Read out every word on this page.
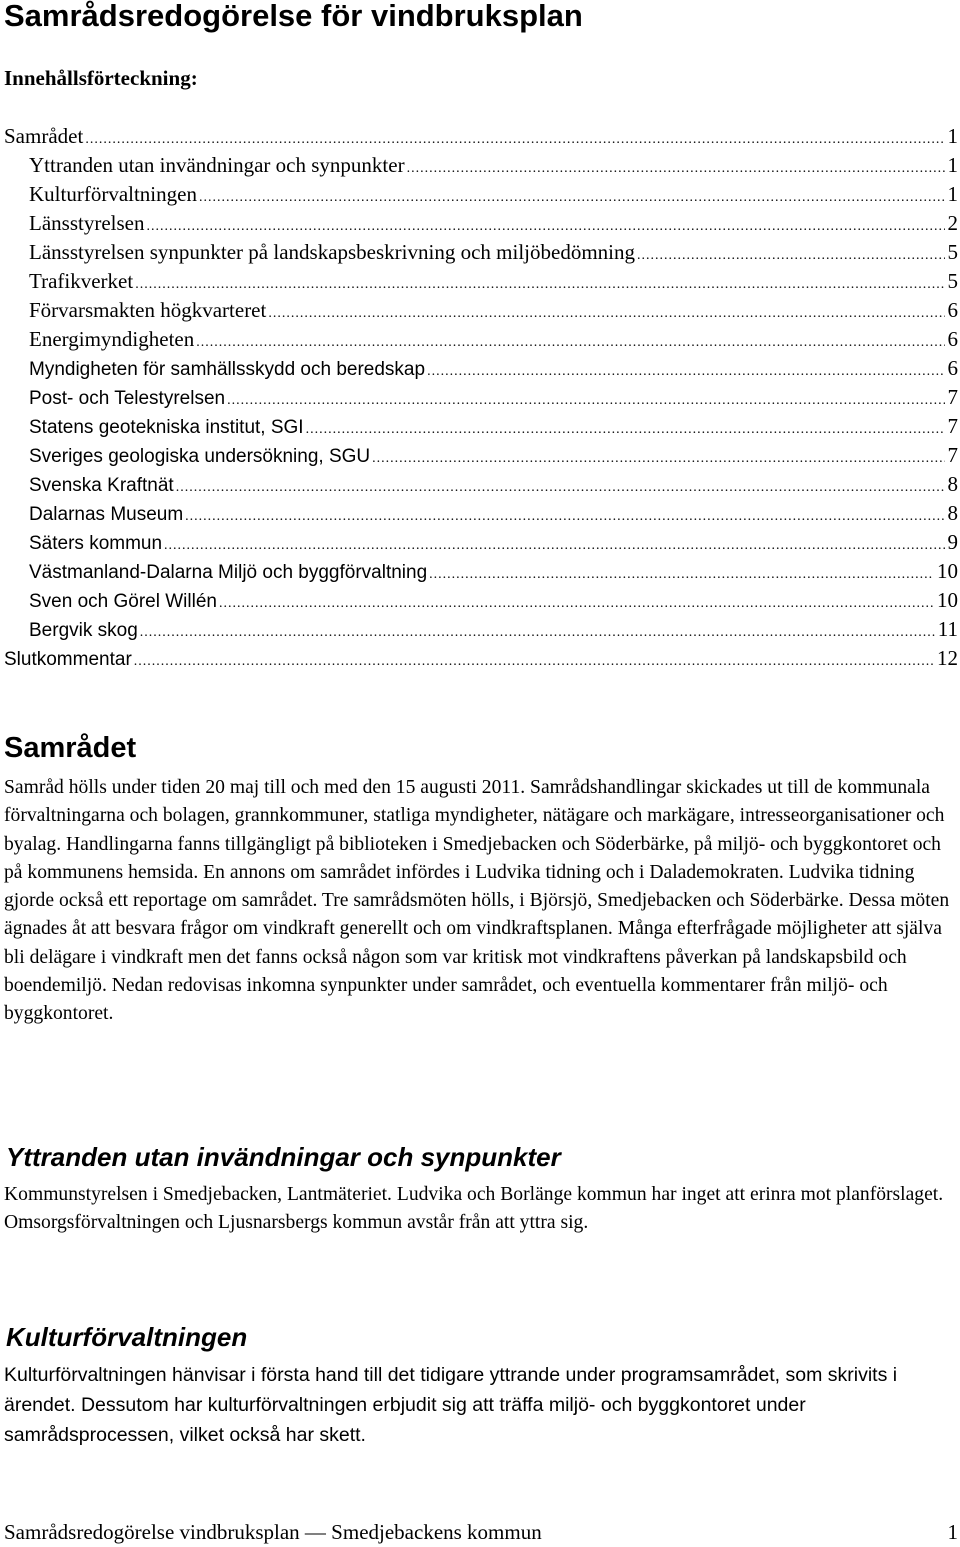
Samrådsredogörelse för vindbruksplan
Innehållsförteckning:
Samrådet .....	1
Yttranden utan invändningar och synpunkter .....	1
Kulturförvaltningen .....	1
Länsstyrelsen .....	2
Länsstyrelsen synpunkter på landskapsbeskrivning och miljöbedömning .....	5
Trafikverket .....	5
Förvarsmakten högkvarteret .....	6
Energimyndigheten .....	6
Myndigheten för samhällsskydd och beredskap .....	6
Post- och Telestyrelsen .....	7
Statens geotekniska institut, SGI .....	7
Sveriges geologiska undersökning, SGU .....	7
Svenska Kraftnät .....	8
Dalarnas Museum .....	8
Säters kommun .....	9
Västmanland-Dalarna Miljö och byggförvaltning .....	10
Sven och Görel Willén .....	10
Bergvik skog .....	11
Slutkommentar .....	12
Samrådet

Samråd hölls under tiden 20 maj till och med den 15 augusti 2011. Samrådshandlingar skickades ut till de kommunala förvaltningarna och bolagen, grannkommuner, statliga myndigheter, nätägare och markägare, intresseorganisationer och byalag. Handlingarna fanns tillgängligt på biblioteken i Smedjebacken och Söderbärke, på miljö- och byggkontoret och på kommunens hemsida. En annons om samrådet infördes i Ludvika tidning och i Dalademokraten. Ludvika tidning gjorde också ett reportage om samrådet. Tre samrådsmöten hölls, i Björsjö, Smedjebacken och Söderbärke. Dessa möten ägnades åt att besvara frågor om vindkraft generellt och om vindkraftsplanen. Många efterfrågade möjligheter att själva bli delägare i vindkraft men det fanns också någon som var kritisk mot vindkraftens påverkan på landskapsbild och boendemiljö. Nedan redovisas inkomna synpunkter under samrådet, och eventuella kommentarer från miljö- och byggkontoret.

Yttranden utan invändningar och synpunkter

Kommunstyrelsen i Smedjebacken, Lantmäteriet. Ludvika och Borlänge kommun har inget att erinra mot planförslaget. Omsorgsförvaltningen och Ljusnarsbergs kommun avstår från att yttra sig.

Kulturförvaltningen

Kulturförvaltningen hänvisar i första hand till det tidigare yttrande under programsamrådet, som skrivits i ärendet. Dessutom har kulturförvaltningen erbjudit sig att träffa miljö- och byggkontoret under samrådsprocessen, vilket också har skett.

Samrådsredogörelse vindbruksplan — Smedjebackens kommun	1
